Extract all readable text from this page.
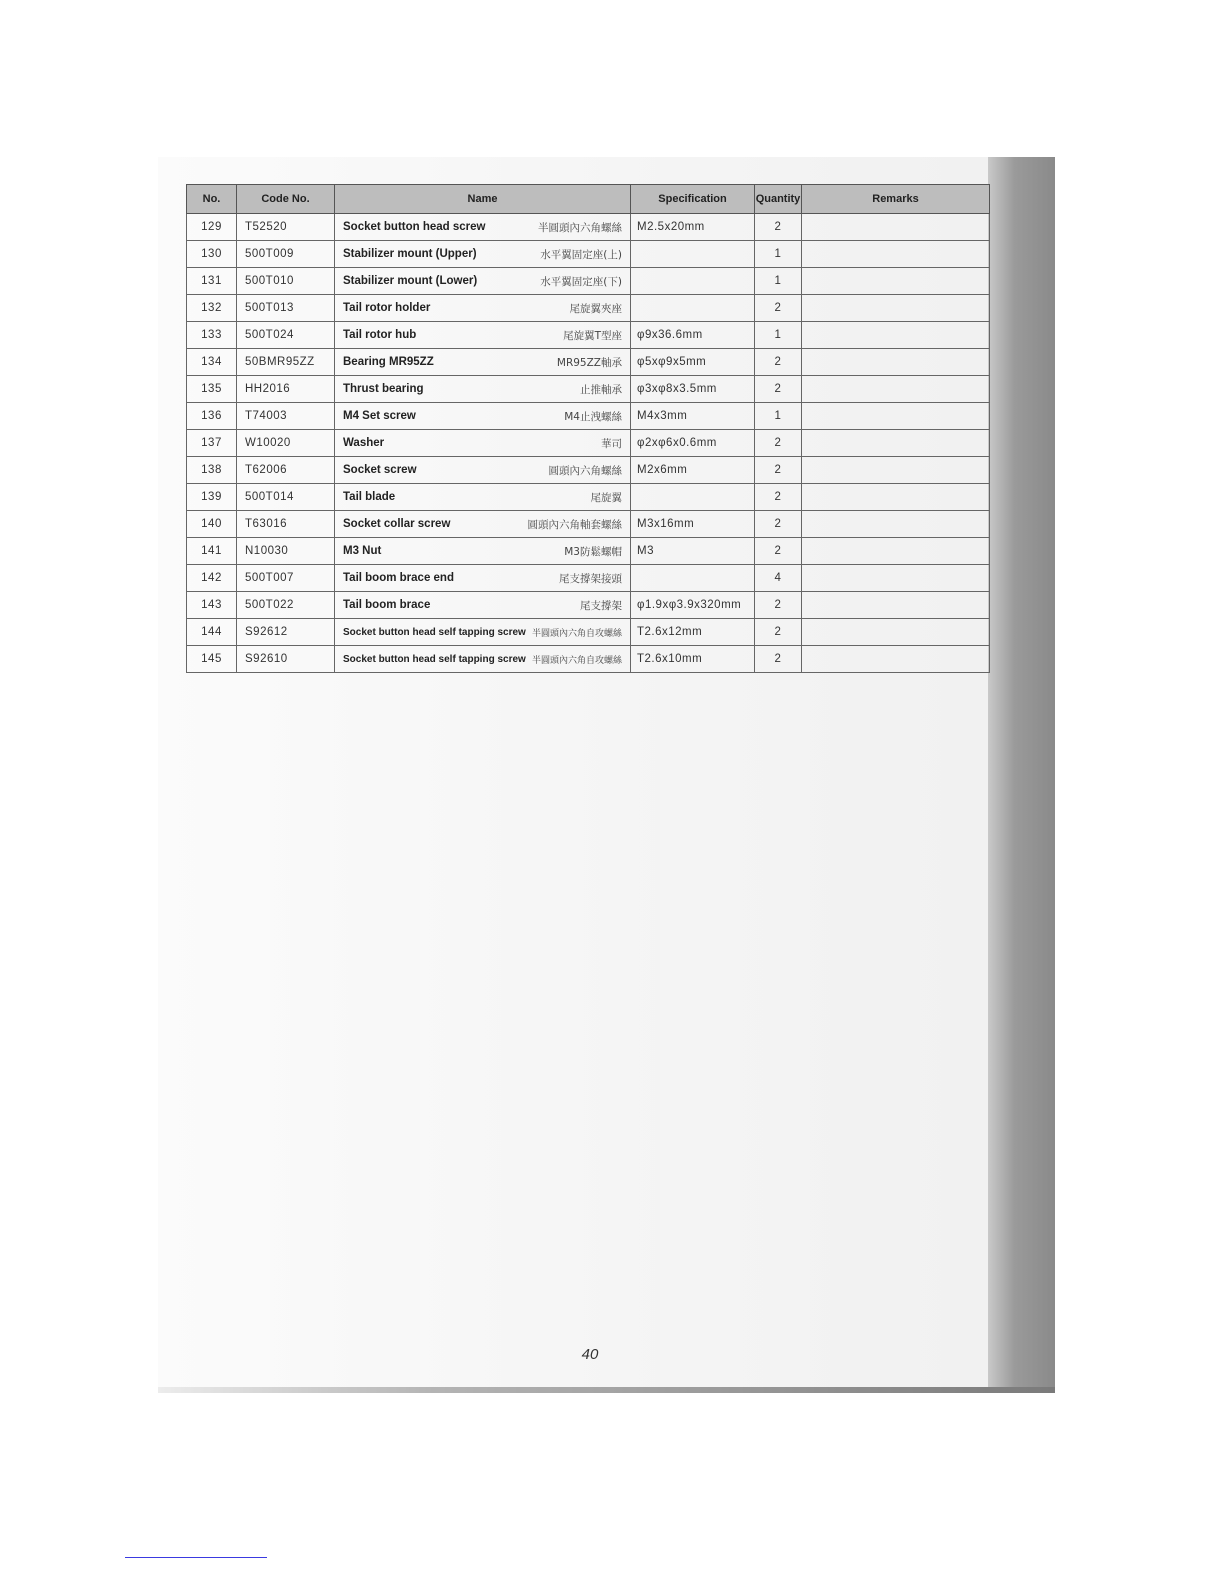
No.	Code No.	Name	Specification	Quantity	Remarks
129	T52520	Socket button head screw 半圓頭內六角螺絲	M2.5x20mm	2	
130	500T009	Stabilizer mount (Upper) 水平翼固定座(上)		1	
131	500T010	Stabilizer mount (Lower) 水平翼固定座(下)		1	
132	500T013	Tail rotor holder 尾旋翼夾座		2	
133	500T024	Tail rotor hub 尾旋翼T型座	φ9x36.6mm	1	
134	50BMR95ZZ	Bearing MR95ZZ MR95ZZ軸承	φ5xφ9x5mm	2	
135	HH2016	Thrust bearing 止推軸承	φ3xφ8x3.5mm	2	
136	T74003	M4 Set screw M4止洩螺絲	M4x3mm	1	
137	W10020	Washer 華司	φ2xφ6x0.6mm	2	
138	T62006	Socket screw 圓頭內六角螺絲	M2x6mm	2	
139	500T014	Tail blade 尾旋翼		2	
140	T63016	Socket collar screw 圓頭內六角軸套螺絲	M3x16mm	2	
141	N10030	M3 Nut M3防鬆螺帽	M3	2	
142	500T007	Tail boom brace end 尾支撐架接頭		4	
143	500T022	Tail boom brace 尾支撐架	φ1.9xφ3.9x320mm	2	
144	S92612	Socket button head self tapping screw 半圓頭內六角自攻螺絲	T2.6x12mm	2	
145	S92610	Socket button head self tapping screw 半圓頭內六角自攻螺絲	T2.6x10mm	2	
40
